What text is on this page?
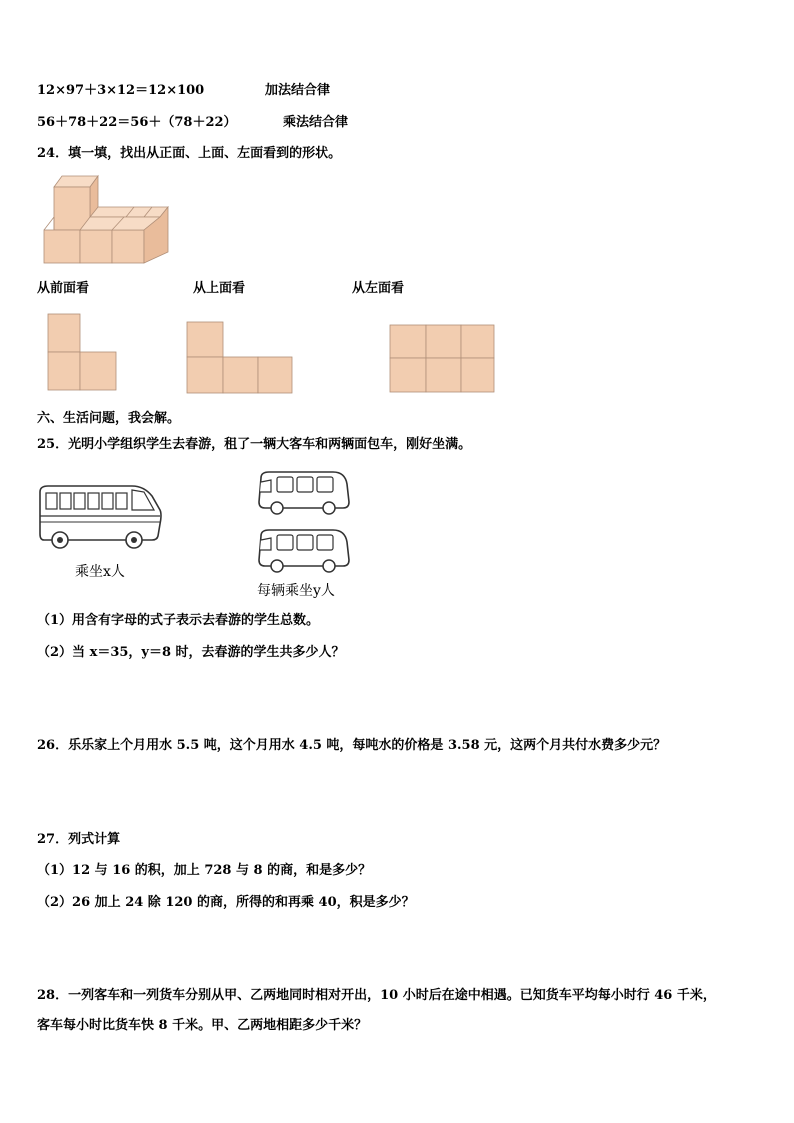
12×97＋3×12＝12×100	加法结合律
56＋78＋22＝56＋（78＋22）	乘法结合律
24．填一填，找出从正面、上面、左面看到的形状。
从前面看	从上面看	从左面看
六、生活问题，我会解。
25．光明小学组织学生去春游，租了一辆大客车和两辆面包车，刚好坐满。
乘坐x人
每辆乘坐y人
（1）用含有字母的式子表示去春游的学生总数。
（2）当 x＝35，y＝8 时，去春游的学生共多少人？
26．乐乐家上个月用水 5.5 吨，这个月用水 4.5 吨，每吨水的价格是 3.58 元，这两个月共付水费多少元？
27．列式计算
（1）12 与 16 的积，加上 728 与 8 的商，和是多少？
（2）26 加上 24 除 120 的商，所得的和再乘 40，积是多少？
28．一列客车和一列货车分别从甲、乙两地同时相对开出，10 小时后在途中相遇。已知货车平均每小时行 46 千米，
客车每小时比货车快 8 千米。甲、乙两地相距多少千米？
